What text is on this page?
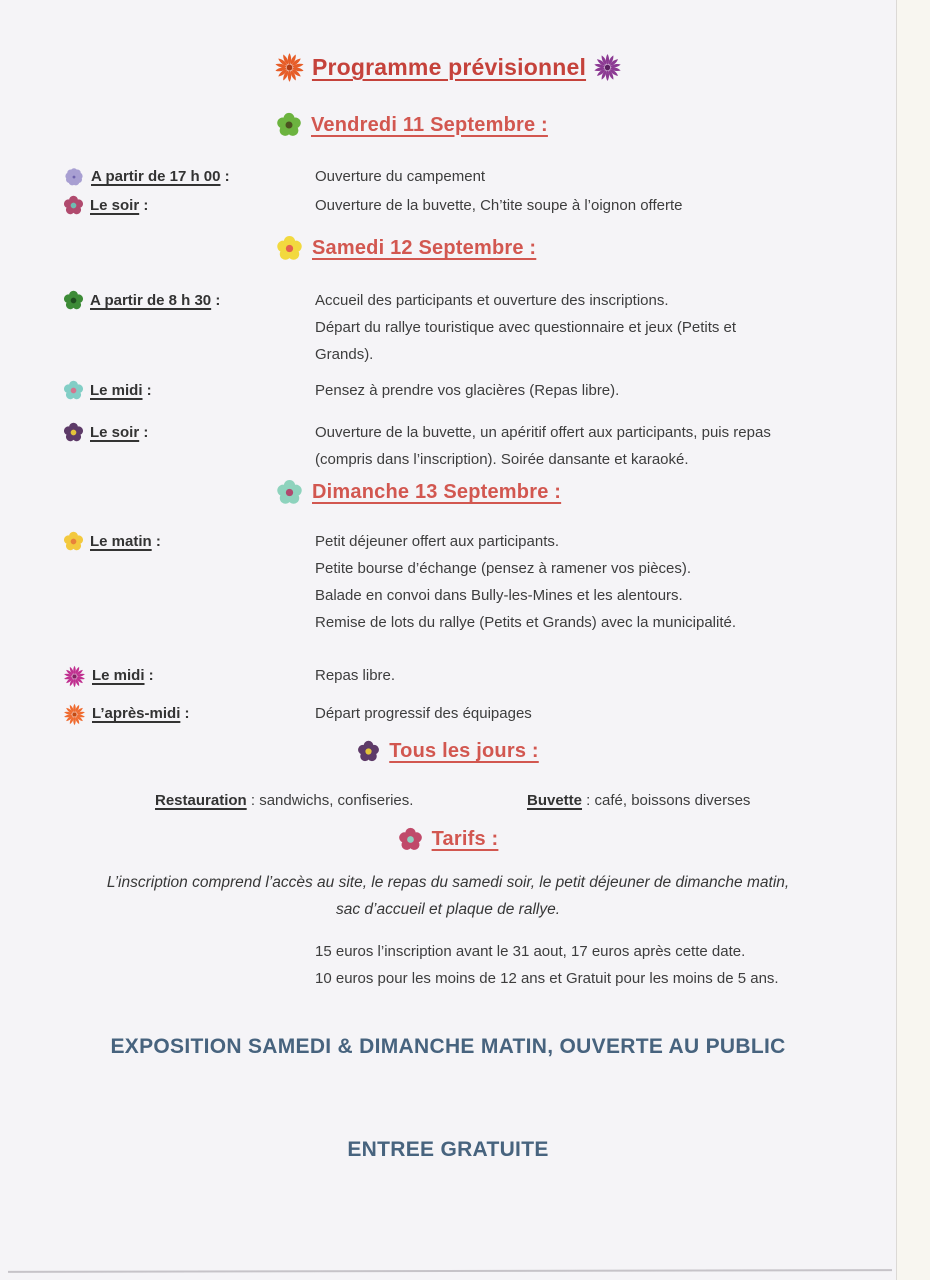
Programme prévisionnel
Vendredi 11 Septembre :
A partir de 17 h 00 :	Ouverture du campement
Le soir :	Ouverture de la buvette, Ch’tite soupe à l’oignon offerte
Samedi 12 Septembre :
A partir de 8 h 30 :	Accueil des participants et ouverture des inscriptions.
Départ du rallye touristique avec questionnaire et jeux (Petits et
Grands).
Le midi :	Pensez à prendre vos glacières (Repas libre).
Le soir :	Ouverture de la buvette, un apéritif offert aux participants, puis repas
(compris dans l’inscription). Soirée dansante et karaoké.
Dimanche 13 Septembre :
Le matin :	Petit déjeuner offert aux participants.
Petite bourse d’échange (pensez à ramener vos pièces).
Balade en convoi dans Bully-les-Mines et les alentours.
Remise de lots du rallye (Petits et Grands) avec la municipalité.
Le midi :	Repas libre.
L’après-midi :	Départ progressif des équipages
Tous les jours :
Restauration : sandwichs, confiseries.	Buvette : café, boissons diverses
Tarifs :
L’inscription comprend l’accès au site, le repas du samedi soir, le petit déjeuner de dimanche matin,
sac d’accueil et plaque de rallye.
15 euros l’inscription avant le 31 aout, 17 euros après cette date.
10 euros pour les moins de 12 ans et Gratuit pour les moins de 5 ans.
EXPOSITION SAMEDI & DIMANCHE MATIN, OUVERTE AU PUBLIC
ENTREE GRATUITE
